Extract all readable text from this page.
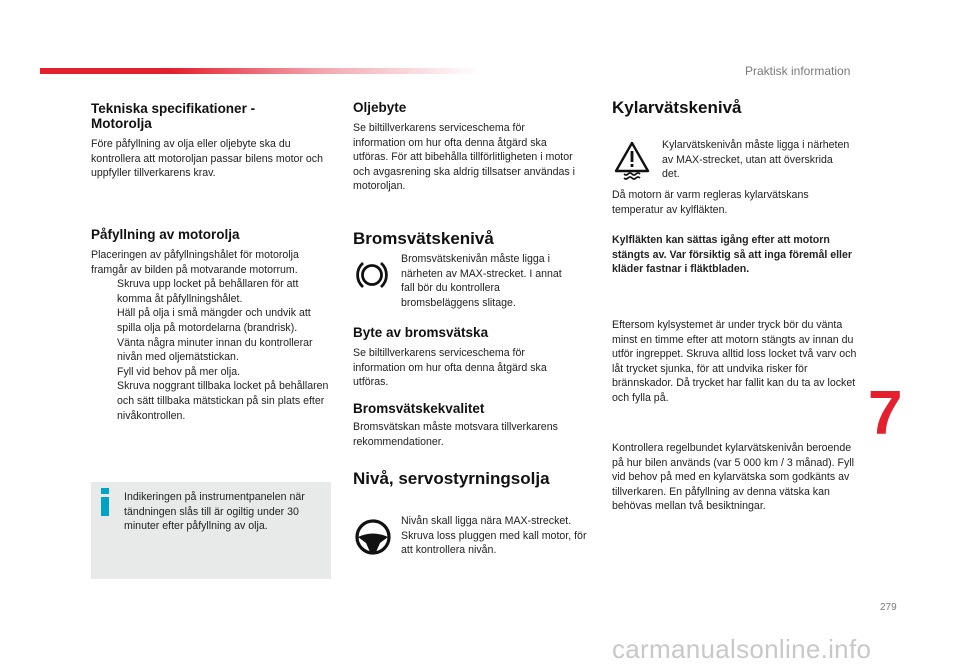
Praktisk information
Tekniska specifikationer - Motorolja
Före påfyllning av olja eller oljebyte ska du kontrollera att motoroljan passar bilens motor och uppfyller tillverkarens krav.
Påfyllning av motorolja
Placeringen av påfyllningshålet för motorolja framgår av bilden på motvarande motorrum.
Skruva upp locket på behållaren för att komma åt påfyllningshålet.
Häll på olja i små mängder och undvik att spilla olja på motordelarna (brandrisk).
Vänta några minuter innan du kontrollerar nivån med oljemätstickan.
Fyll vid behov på mer olja.
Skruva noggrant tillbaka locket på behållaren och sätt tillbaka mätstickan på sin plats efter nivåkontrollen.
Indikeringen på instrumentpanelen när tändningen slås till är ogiltig under 30 minuter efter påfyllning av olja.
Oljebyte
Se biltillverkarens serviceschema för information om hur ofta denna åtgärd ska utföras. För att bibehålla tillförlitligheten i motor och avgasrening ska aldrig tillsatser användas i motoroljan.
Bromsvätskenivå
Bromsvätskenivån måste ligga i närheten av MAX-strecket. I annat fall bör du kontrollera bromsbeläggens slitage.
Byte av bromsvätska
Se biltillverkarens serviceschema för information om hur ofta denna åtgärd ska utföras.
Bromsvätskekvalitet
Bromsvätskan måste motsvara tillverkarens rekommendationer.
Nivå, servostyrningsolja
Nivån skall ligga nära MAX-strecket. Skruva loss pluggen med kall motor, för att kontrollera nivån.
Kylarvätskenivå
Kylarvätskenivån måste ligga i närheten av MAX-strecket, utan att överskrida det.
Då motorn är varm regleras kylarvätskans temperatur av kylfläkten.
Kylfläkten kan sättas igång efter att motorn stängts av. Var försiktig så att inga föremål eller kläder fastnar i fläktbladen.
Eftersom kylsystemet är under tryck bör du vänta minst en timme efter att motorn stängts av innan du utför ingreppet. Skruva alltid loss locket två varv och låt trycket sjunka, för att undvika risker för brännskador. Då trycket har fallit kan du ta av locket och fylla på.
Kontrollera regelbundet kylarvätskenivån beroende på hur bilen används (var 5 000 km / 3 månad). Fyll vid behov på med en kylarvätska som godkänts av tillverkaren. En påfyllning av denna vätska kan behövas mellan två besiktningar.
7
279
carmanualsonline.info
